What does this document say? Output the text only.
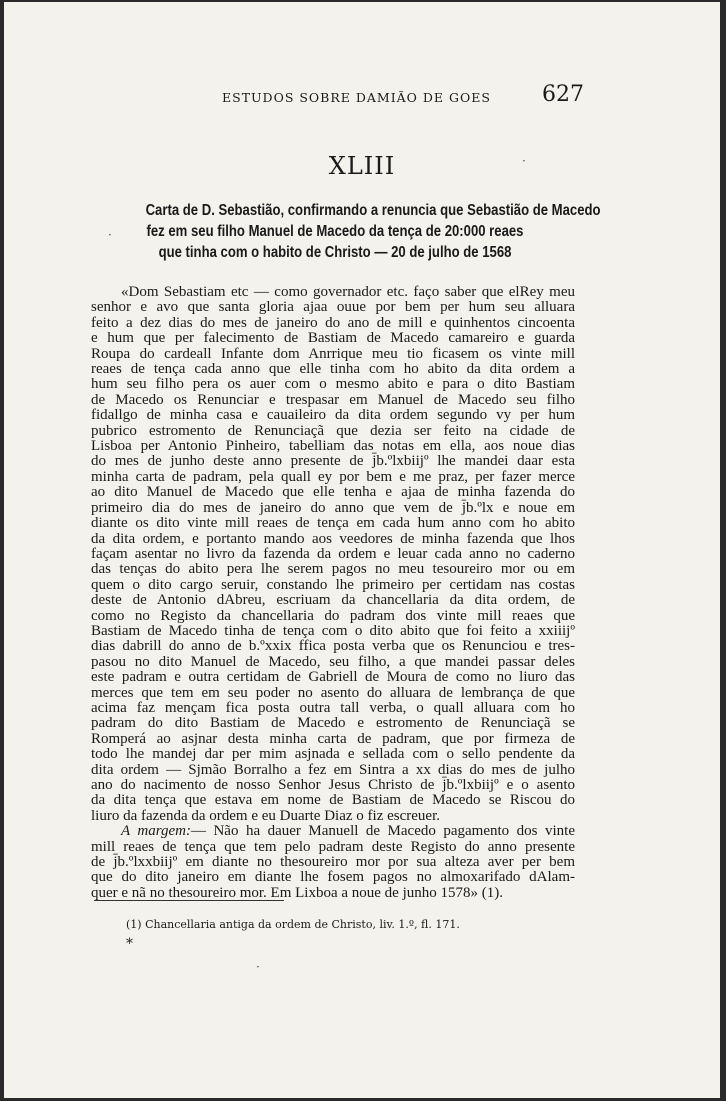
ESTUDOS SOBRE DAMIÃO DE GOES 627
XLIII
Carta de D. Sebastião, confirmando a renuncia que Sebastião de Macedo
fez em seu filho Manuel de Macedo da tença de 20:000 reaes
que tinha com o habito de Christo — 20 de julho de 1568
«Dom Sebastiam etc — como governador etc. faço saber que elRey meu
senhor e avo que santa gloria ajaa ouue por bem per hum seu alluara
feito a dez dias do mes de janeiro do ano de mill e quinhentos cincoenta
e hum que per falecimento de Bastiam de Macedo camareiro e guarda
Roupa do cardeall Infante dom Anrrique meu tio ficasem os vinte mill
reaes de tença cada anno que elle tinha com ho abito da dita ordem a
hum seu filho pera os auer com o mesmo abito e para o dito Bastiam
de Macedo os Renunciar e trespasar em Manuel de Macedo seu filho
fidallgo de minha casa e cauaileiro da dita ordem segundo vy per hum
pubrico estromento de Renunciaçã que dezia ser feito na cidade de
Lisboa per Antonio Pinheiro, tabelliam das notas em ella, aos noue dias
do mes de junho deste anno presente de j̄b.ºlxbiijº lhe mandei daar esta
minha carta de padram, pela quall ey por bem e me praz, per fazer merce
ao dito Manuel de Macedo que elle tenha e ajaa de minha fazenda do
primeiro dia do mes de janeiro do anno que vem de j̄b.ºlx e noue em
diante os dito vinte mill reaes de tença em cada hum anno com ho abito
da dita ordem, e portanto mando aos veedores de minha fazenda que lhos
façam asentar no livro da fazenda da ordem e leuar cada anno no caderno
das tenças do abito pera lhe serem pagos no meu tesoureiro mor ou em
quem o dito cargo seruir, constando lhe primeiro per certidam nas costas
deste de Antonio dAbreu, escriuam da chancellaria da dita ordem, de
como no Registo da chancellaria do padram dos vinte mill reaes que
Bastiam de Macedo tinha de tença com o dito abito que foi feito a xxiiijº
dias dabrill do anno de b.ºxxix ffica posta verba que os Renunciou e tres-
pasou no dito Manuel de Macedo, seu filho, a que mandei passar deles
este padram e outra certidam de Gabriell de Moura de como no liuro das
merces que tem em seu poder no asento do alluara de lembrança de que
acima faz mençam fica posta outra tall verba, o quall alluara com ho
padram do dito Bastiam de Macedo e estromento de Renunciaçã se
Romperá ao asjnar desta minha carta de padram, que por firmeza de
todo lhe mandej dar per mim asjnada e sellada com o sello pendente da
dita ordem — Sjmão Borralho a fez em Sintra a xx dias do mes de julho
ano do nacimento de nosso Senhor Jesus Christo de j̄b.ºlxbiijº e o asento
da dita tença que estava em nome de Bastiam de Macedo se Riscou do
liuro da fazenda da ordem e eu Duarte Diaz o fiz escreuer.
A margem:— Não ha dauer Manuell de Macedo pagamento dos vinte
mill reaes de tença que tem pelo padram deste Registo do anno presente
de j̄b.ºlxxbiijº em diante no thesoureiro mor por sua alteza aver per bem
que do dito janeiro em diante lhe fosem pagos no almoxarifado dAlam-
quer e nã no thesoureiro mor. Em Lixboa a noue de junho 1578» (1).
(1) Chancellaria antiga da ordem de Christo, liv. 1.º, fl. 171.
*
·
·
·
